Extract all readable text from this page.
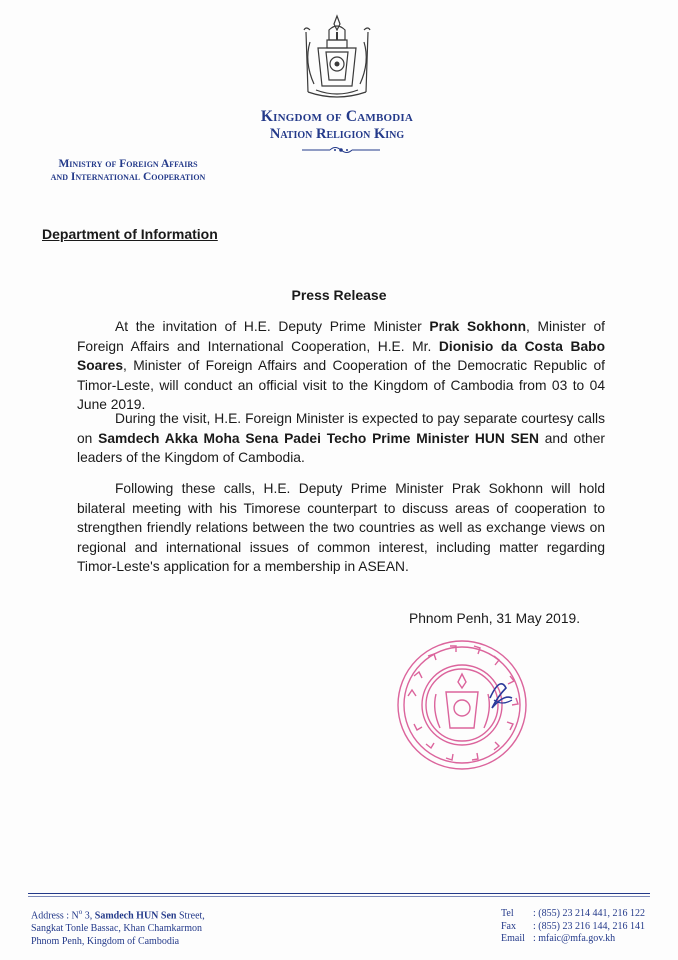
Kingdom of Cambodia
Nation Religion King
Ministry of Foreign Affairs
and International Cooperation
Department of Information
Press Release

At the invitation of H.E. Deputy Prime Minister Prak Sokhonn, Minister of Foreign Affairs and International Cooperation, H.E. Mr. Dionisio da Costa Babo Soares, Minister of Foreign Affairs and Cooperation of the Democratic Republic of Timor-Leste, will conduct an official visit to the Kingdom of Cambodia from 03 to 04 June 2019.

During the visit, H.E. Foreign Minister is expected to pay separate courtesy calls on Samdech Akka Moha Sena Padei Techo Prime Minister HUN SEN and other leaders of the Kingdom of Cambodia.

Following these calls, H.E. Deputy Prime Minister Prak Sokhonn will hold bilateral meeting with his Timorese counterpart to discuss areas of cooperation to strengthen friendly relations between the two countries as well as exchange views on regional and international issues of common interest, including matter regarding Timor-Leste's application for a membership in ASEAN.

Phnom Penh, 31 May 2019.
Address : $N^o$ 3, Samdech HUN Sen Street,
Sangkat Tonle Bassac, Khan Chamkarmon
Phnom Penh, Kingdom of Cambodia
Tel : (855) 23 214 441, 216 122
Fax : (855) 23 216 144, 216 141
Email : mfaic@mfa.gov.kh
